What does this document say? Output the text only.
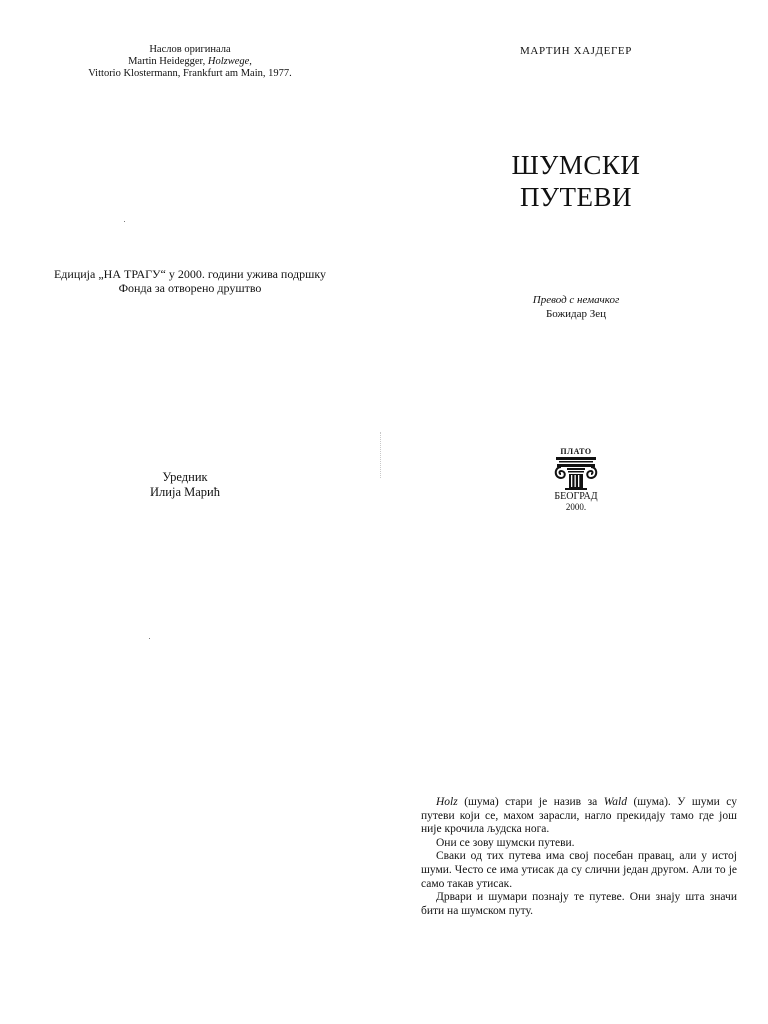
Наслов оригинала
Martin Heidegger, Holzwege,
Vittorio Klostermann, Frankfurt am Main, 1977.
Едиција „НА ТРАГУ“ у 2000. години ужива подршку
Фонда за отворено друштво
Уредник
Илија Марић
МАРТИН ХАЈДЕГЕР
ШУМСКИ
ПУТЕВИ
Превод с немачког
Божидар Зец
ПЛАТО
БЕОГРАД
2000.

Holz (шума) стари је назив за Wald (шума). У шуми су путеви који се, махом зарасли, нагло прекидају тамо где још није крочила људска нога.

Они се зову шумски путеви.

Сваки од тих путева има свој посебан правац, али у истој шуми. Често се има утисак да су слични један другом. Али то је само такав утисак.

Дрвари и шумари познају те путеве. Они знају шта значи бити на шумском путу.
